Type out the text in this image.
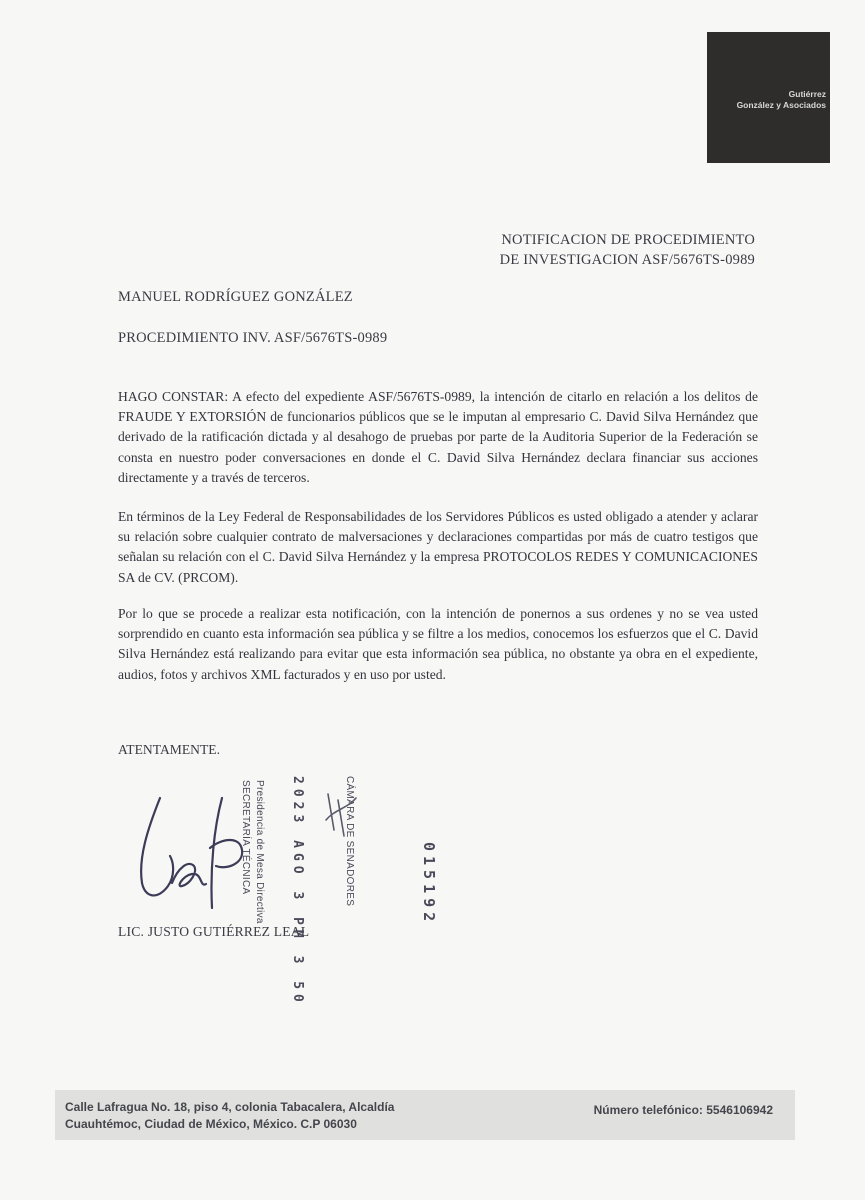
Gutiérrez
González y Asociados
NOTIFICACION DE PROCEDIMIENTO
DE INVESTIGACION ASF/5676TS-0989
MANUEL RODRÍGUEZ GONZÁLEZ
PROCEDIMIENTO INV. ASF/5676TS-0989

HAGO CONSTAR: A efecto del expediente ASF/5676TS-0989, la intención de citarlo en relación a los delitos de FRAUDE Y EXTORSIÓN de funcionarios públicos que se le imputan al empresario C. David Silva Hernández que derivado de la ratificación dictada y al desahogo de pruebas por parte de la Auditoria Superior de la Federación se consta en nuestro poder conversaciones en donde el C. David Silva Hernández declara financiar sus acciones directamente y a través de terceros.

En términos de la Ley Federal de Responsabilidades de los Servidores Públicos es usted obligado a atender y aclarar su relación sobre cualquier contrato de malversaciones y declaraciones compartidas por más de cuatro testigos que señalan su relación con el C. David Silva Hernández y la empresa PROTOCOLOS REDES Y COMUNICACIONES SA de CV. (PRCOM).

Por lo que se procede a realizar esta notificación, con la intención de ponernos a sus ordenes y no se vea usted sorprendido en cuanto esta información sea pública y se filtre a los medios, conocemos los esfuerzos que el C. David Silva Hernández está realizando para evitar que esta información sea pública, no obstante ya obra en el expediente, audios, fotos y archivos XML facturados y en uso por usted.

ATENTAMENTE.
LIC. JUSTO GUTIÉRREZ LEAL
SECRETARÍA TÉCNICA Presidencia de Mesa Directiva 2023 AGO 3 PM 3 50	CÁMARA DE SENADORES	015192
Calle Lafragua No. 18, piso 4, colonia Tabacalera, Alcaldía
Cuauhtémoc, Ciudad de México, México. C.P 06030
Número telefónico: 5546106942
